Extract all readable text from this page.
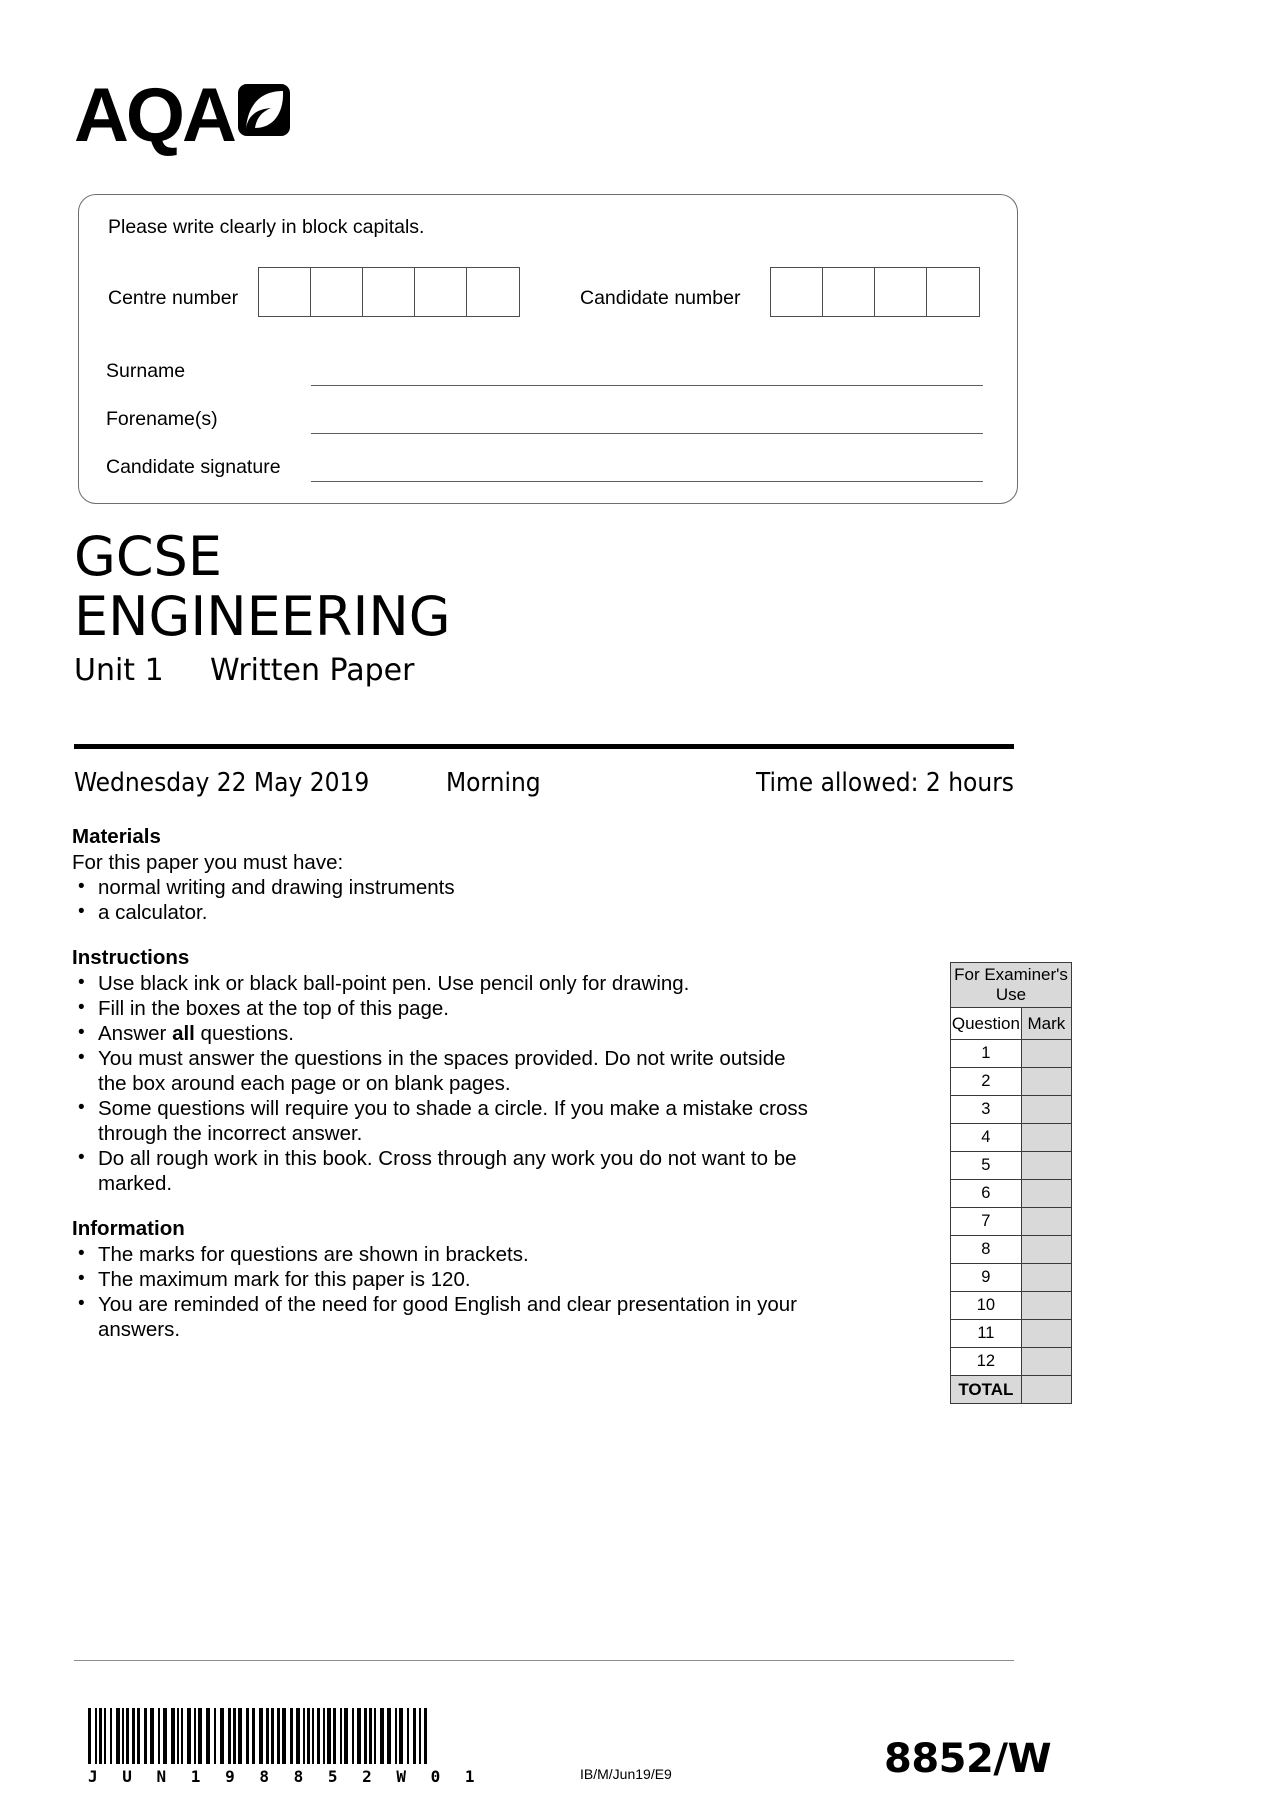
AQA
Please write clearly in block capitals.
Centre number	Candidate number
Surname
Forename(s)
Candidate signature
GCSE
ENGINEERING
Unit 1	Written Paper
Wednesday 22 May 2019	Morning	Time allowed: 2 hours
Materials
For this paper you must have:
• normal writing and drawing instruments
• a calculator.
Instructions
• Use black ink or black ball-point pen. Use pencil only for drawing.
• Fill in the boxes at the top of this page.
• Answer all questions.
• You must answer the questions in the spaces provided. Do not write outside the box around each page or on blank pages.
• Some questions will require you to shade a circle. If you make a mistake cross through the incorrect answer.
• Do all rough work in this book. Cross through any work you do not want to be marked.
Information
• The marks for questions are shown in brackets.
• The maximum mark for this paper is 120.
• You are reminded of the need for good English and clear presentation in your answers.
For Examiner's Use	
Question	Mark
1	
2	
3	
4	
5	
6	
7	
8	
9	
10	
11	
12	
TOTAL	
J U N 1 9 8 8 5 2 W 0 1	IB/M/Jun19/E9	8852/W
